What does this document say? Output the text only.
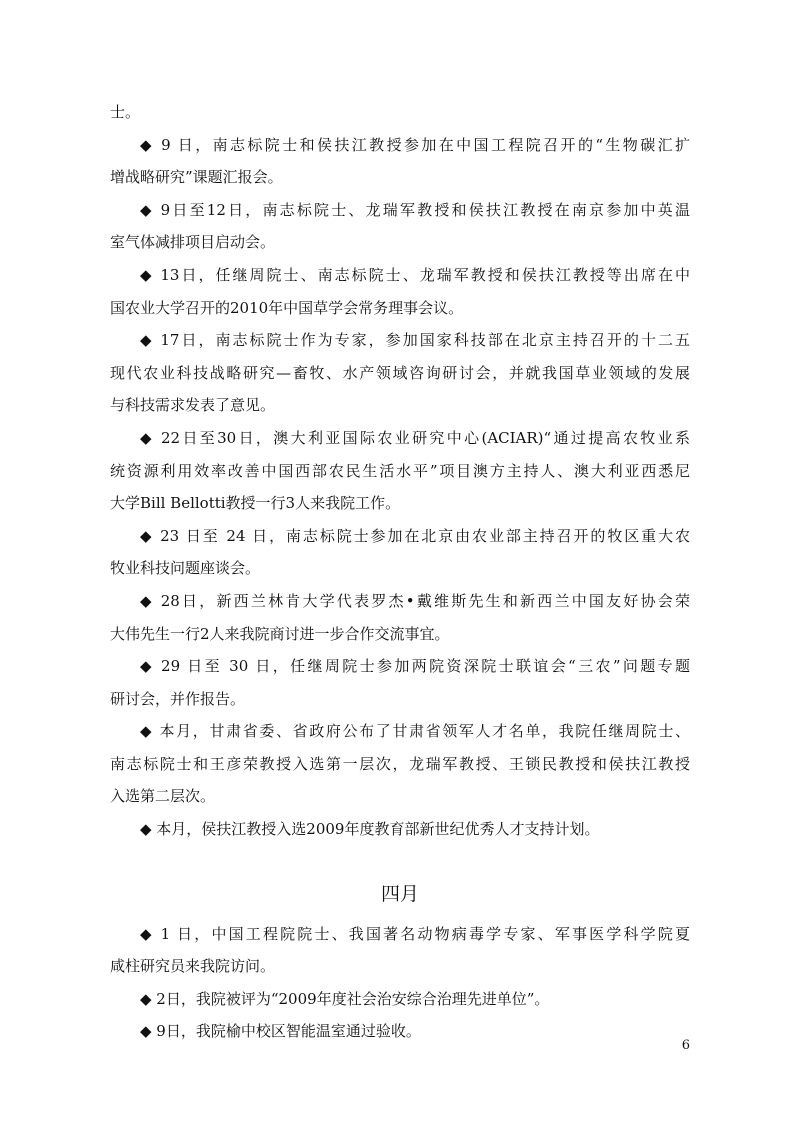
士。
◆ 9 日，南志标院士和侯扶江教授参加在中国工程院召开的“生物碳汇扩
增战略研究”课题汇报会。
◆ 9日至12日，南志标院士、龙瑞军教授和侯扶江教授在南京参加中英温
室气体减排项目启动会。
◆ 13日，任继周院士、南志标院士、龙瑞军教授和侯扶江教授等出席在中
国农业大学召开的2010年中国草学会常务理事会议。
◆ 17日，南志标院士作为专家，参加国家科技部在北京主持召开的十二五
现代农业科技战略研究—畜牧、水产领域咨询研讨会，并就我国草业领域的发展
与科技需求发表了意见。
◆ 22日至30日，澳大利亚国际农业研究中心(ACIAR)“通过提高农牧业系
统资源利用效率改善中国西部农民生活水平”项目澳方主持人、澳大利亚西悉尼
大学Bill Bellotti教授一行3人来我院工作。
◆ 23 日至 24 日，南志标院士参加在北京由农业部主持召开的牧区重大农
牧业科技问题座谈会。
◆ 28日，新西兰林肯大学代表罗杰•戴维斯先生和新西兰中国友好协会荣
大伟先生一行2人来我院商讨进一步合作交流事宜。
◆ 29 日至 30 日，任继周院士参加两院资深院士联谊会“三农”问题专题
研讨会，并作报告。
◆ 本月，甘肃省委、省政府公布了甘肃省领军人才名单，我院任继周院士、
南志标院士和王彦荣教授入选第一层次，龙瑞军教授、王锁民教授和侯扶江教授
入选第二层次。
◆ 本月，侯扶江教授入选2009年度教育部新世纪优秀人才支持计划。
四月
◆ 1 日，中国工程院院士、我国著名动物病毒学专家、军事医学科学院夏
咸柱研究员来我院访问。
◆ 2日，我院被评为“2009年度社会治安综合治理先进单位”。
◆ 9日，我院榆中校区智能温室通过验收。
6
